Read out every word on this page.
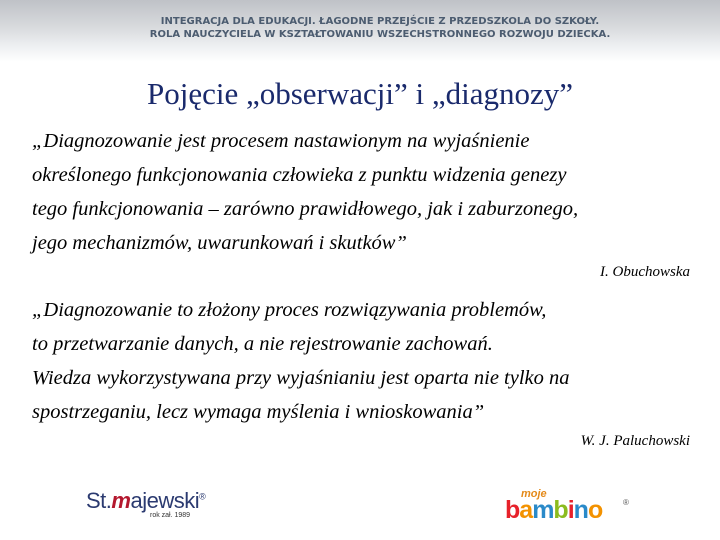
INTEGRACJA DLA EDUKACJI. ŁAGODNE PRZEJŚCIE Z PRZEDSZKOLA DO SZKOŁY.
ROLA NAUCZYCIELA W KSZTAŁTOWANIU WSZECHSTRONNEGO ROZWOJU DZIECKA.
Pojęcie „obserwacji” i „diagnozy”
„Diagnozowanie jest procesem nastawionym na wyjaśnienie
określonego funkcjonowania człowieka z punktu widzenia genezy
tego funkcjonowania – zarówno prawidłowego, jak i zaburzonego,
jego mechanizmów, uwarunkowań i skutków”
I. Obuchowska
„Diagnozowanie to złożony proces rozwiązywania problemów,
to przetwarzanie danych, a nie rejestrowanie zachowań.
Wiedza wykorzystywana przy wyjaśnianiu jest oparta nie tylko na
spostrzeganiu, lecz wymaga myślenia i wnioskowania”
W. J. Paluchowski
St.majewski®
rok zał. 1989
moje
bambino	®
